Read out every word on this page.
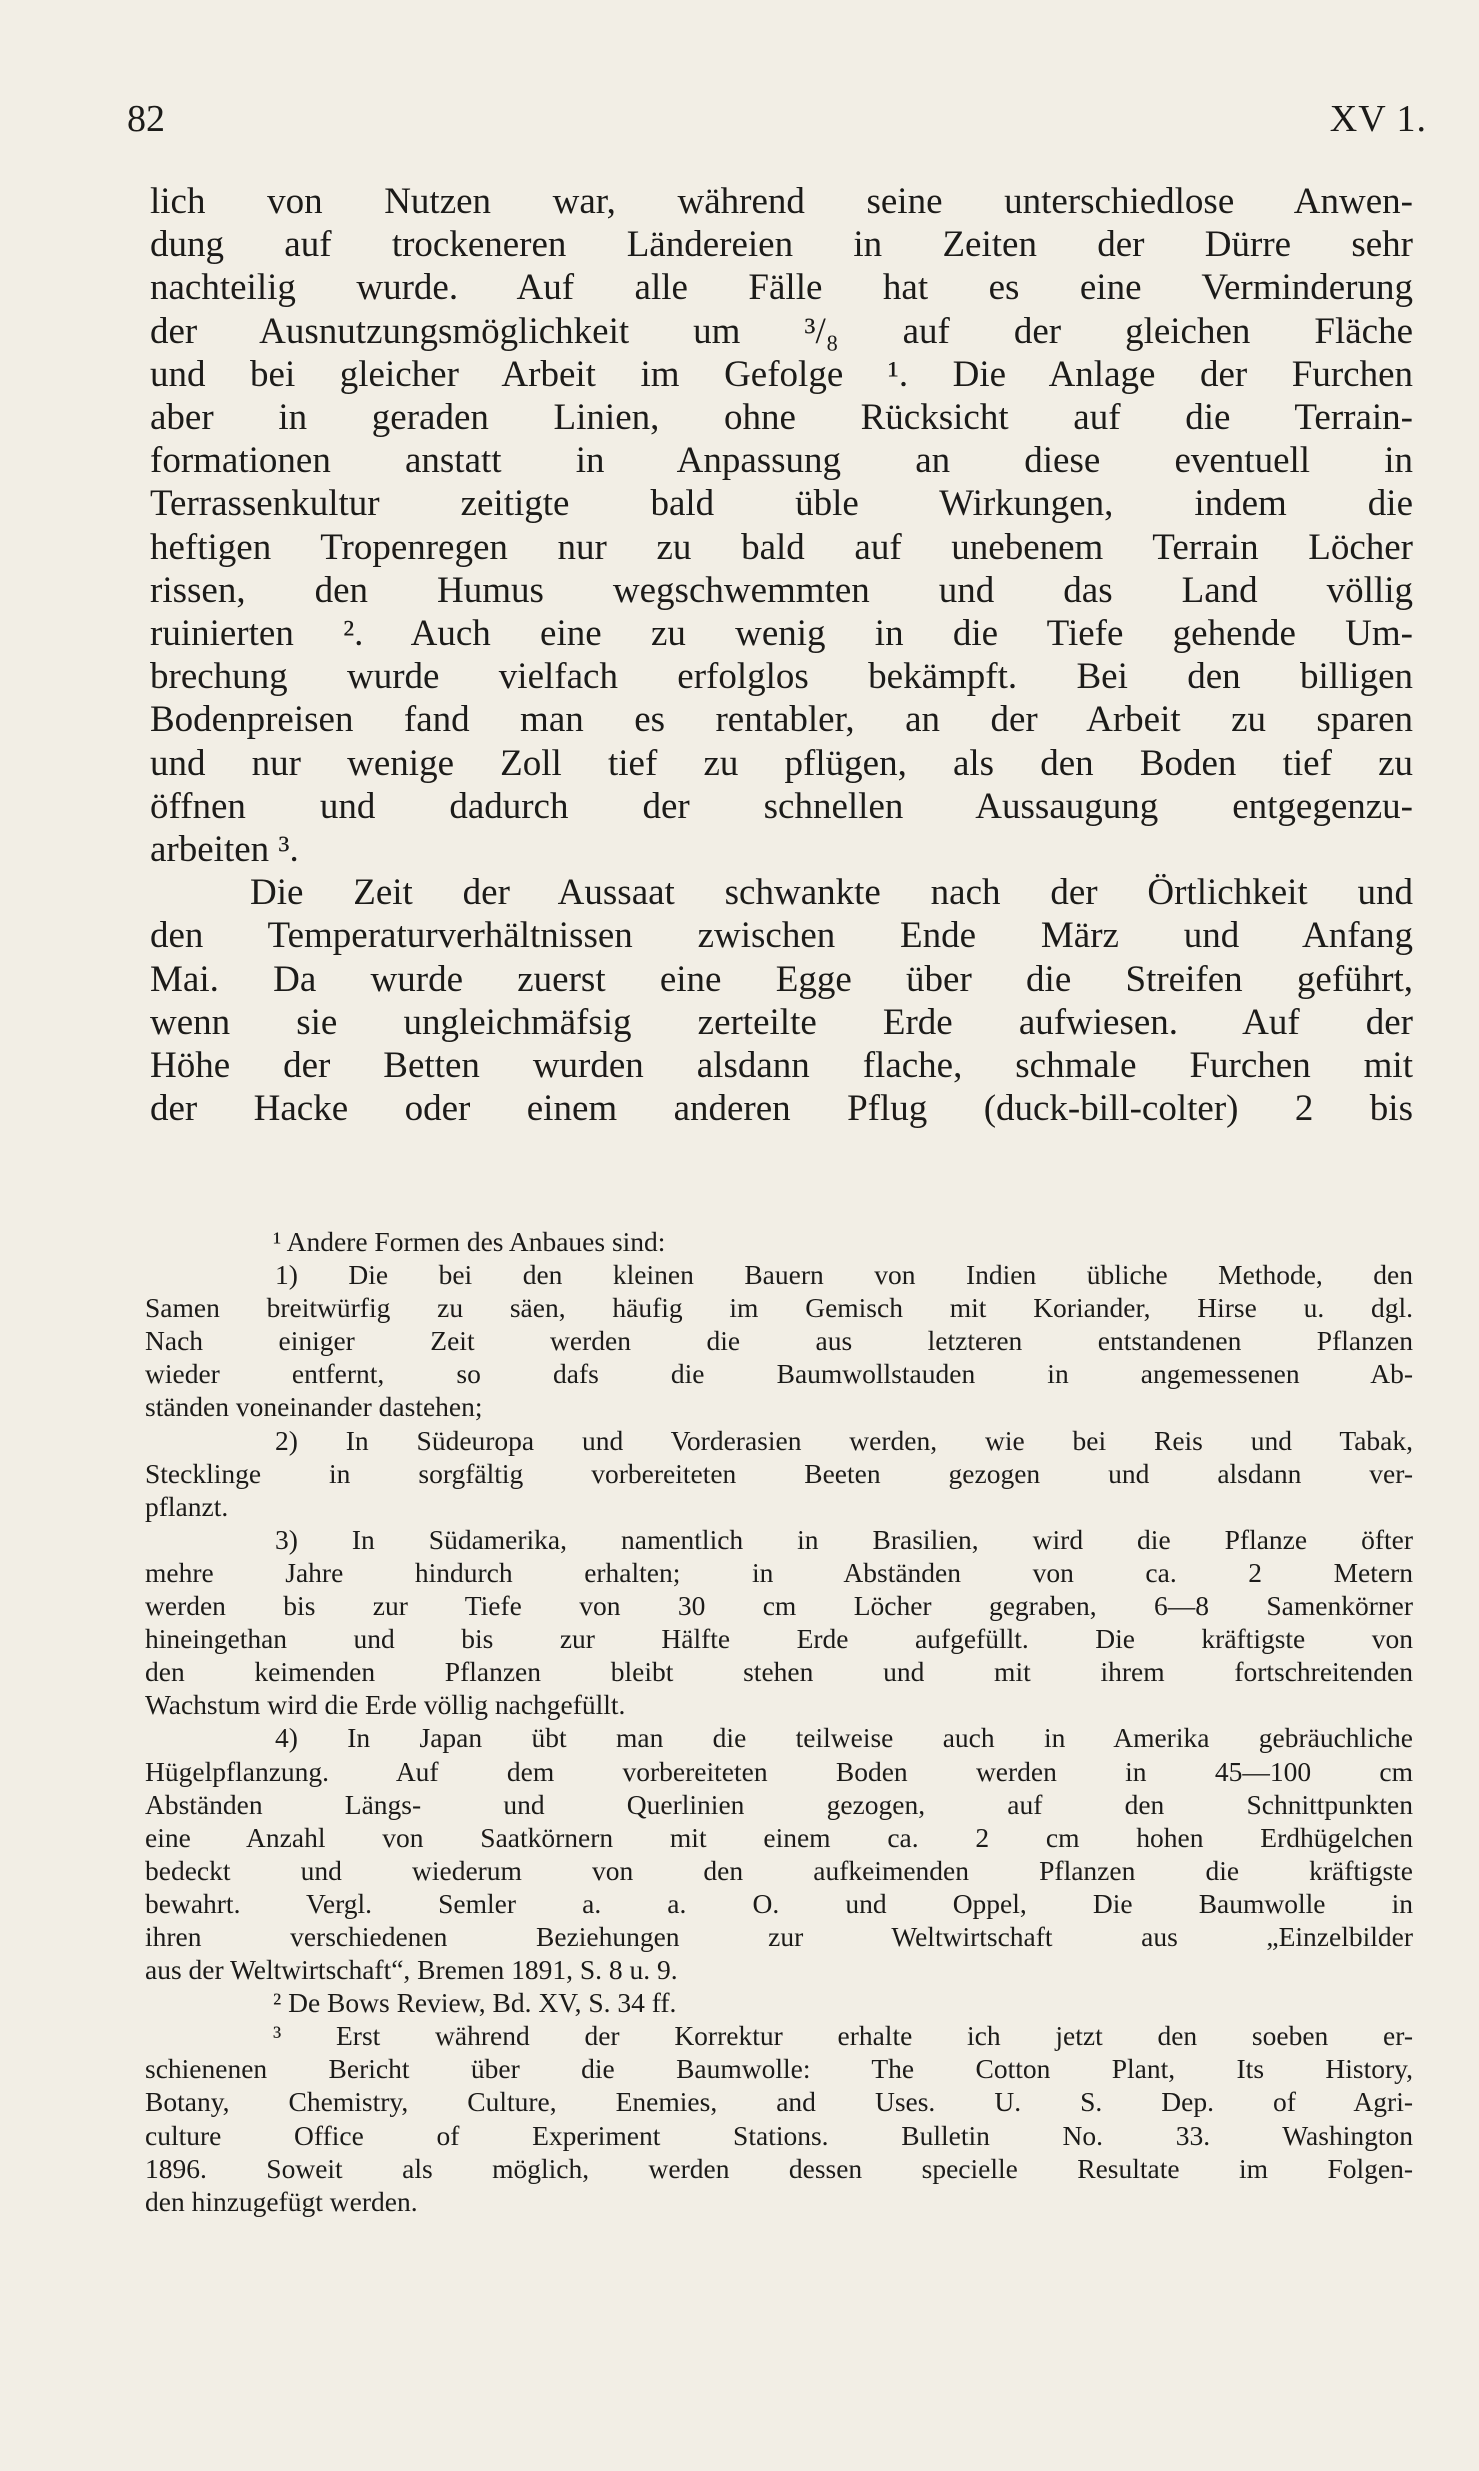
82	XV 1.
lich von Nutzen war, während seine unterschiedlose Anwen-
dung auf trockeneren Ländereien in Zeiten der Dürre sehr
nachteilig wurde. Auf alle Fälle hat es eine Verminderung
der Ausnutzungsmöglichkeit um ³/₈ auf der gleichen Fläche
und bei gleicher Arbeit im Gefolge ¹. Die Anlage der Furchen
aber in geraden Linien, ohne Rücksicht auf die Terrain-
formationen anstatt in Anpassung an diese eventuell in
Terrassenkultur zeitigte bald üble Wirkungen, indem die
heftigen Tropenregen nur zu bald auf unebenem Terrain Löcher
rissen, den Humus wegschwemmten und das Land völlig
ruinierten ². Auch eine zu wenig in die Tiefe gehende Um-
brechung wurde vielfach erfolglos bekämpft. Bei den billigen
Bodenpreisen fand man es rentabler, an der Arbeit zu sparen
und nur wenige Zoll tief zu pflügen, als den Boden tief zu
öffnen und dadurch der schnellen Aussaugung entgegenzu-
arbeiten ³.
Die Zeit der Aussaat schwankte nach der Örtlichkeit und
den Temperaturverhältnissen zwischen Ende März und Anfang
Mai. Da wurde zuerst eine Egge über die Streifen geführt,
wenn sie ungleichmäfsig zerteilte Erde aufwiesen. Auf der
Höhe der Betten wurden alsdann flache, schmale Furchen mit
der Hacke oder einem anderen Pflug (duck-bill-colter) 2 bis
¹ Andere Formen des Anbaues sind:
1) Die bei den kleinen Bauern von Indien übliche Methode, den
Samen breitwürfig zu säen, häufig im Gemisch mit Koriander, Hirse u. dgl.
Nach einiger Zeit werden die aus letzteren entstandenen Pflanzen
wieder entfernt, so dafs die Baumwollstauden in angemessenen Ab-
ständen voneinander dastehen;
2) In Südeuropa und Vorderasien werden, wie bei Reis und Tabak,
Stecklinge in sorgfältig vorbereiteten Beeten gezogen und alsdann ver-
pflanzt.
3) In Südamerika, namentlich in Brasilien, wird die Pflanze öfter
mehre Jahre hindurch erhalten; in Abständen von ca. 2 Metern
werden bis zur Tiefe von 30 cm Löcher gegraben, 6—8 Samenkörner
hineingethan und bis zur Hälfte Erde aufgefüllt. Die kräftigste von
den keimenden Pflanzen bleibt stehen und mit ihrem fortschreitenden
Wachstum wird die Erde völlig nachgefüllt.
4) In Japan übt man die teilweise auch in Amerika gebräuchliche
Hügelpflanzung. Auf dem vorbereiteten Boden werden in 45—100 cm
Abständen Längs- und Querlinien gezogen, auf den Schnittpunkten
eine Anzahl von Saatkörnern mit einem ca. 2 cm hohen Erdhügelchen
bedeckt und wiederum von den aufkeimenden Pflanzen die kräftigste
bewahrt. Vergl. Semler a. a. O. und Oppel, Die Baumwolle in
ihren verschiedenen Beziehungen zur Weltwirtschaft aus „Einzelbilder
aus der Weltwirtschaft“, Bremen 1891, S. 8 u. 9.
² De Bows Review, Bd. XV, S. 34 ff.
³ Erst während der Korrektur erhalte ich jetzt den soeben er-
schienenen Bericht über die Baumwolle: The Cotton Plant, Its History,
Botany, Chemistry, Culture, Enemies, and Uses. U. S. Dep. of Agri-
culture Office of Experiment Stations. Bulletin No. 33. Washington
1896. Soweit als möglich, werden dessen specielle Resultate im Folgen-
den hinzugefügt werden.
